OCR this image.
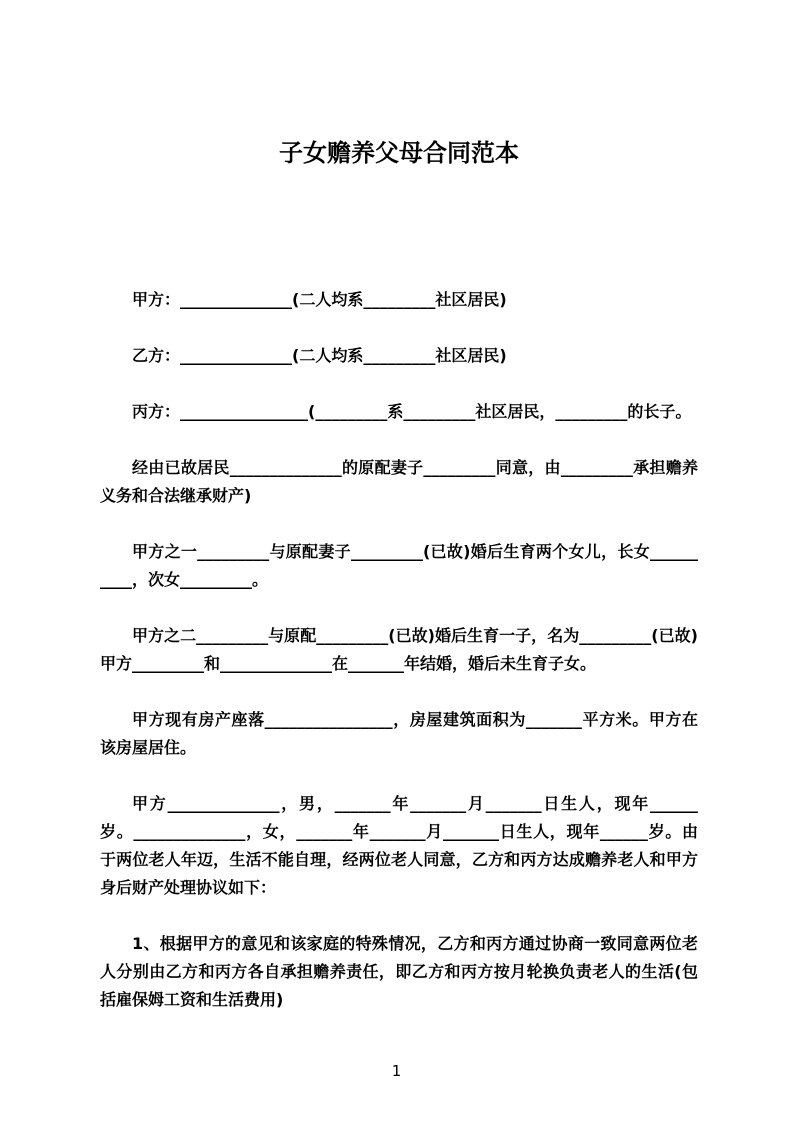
子女赡养父母合同范本

甲方：______________(二人均系_________社区居民)

乙方：______________(二人均系_________社区居民)

丙方：________________(_________系_________社区居民，_________的长子。

经由已故居民______________的原配妻子_________同意，由_________承担赡养义务和合法继承财产)

甲方之一_________与原配妻子_________(已故)婚后生育两个女儿，长女__________，次女_________。

甲方之二_________与原配_________(已故)婚后生育一子，名为_________(已故)甲方_________和______________在_______年结婚，婚后未生育子女。

甲方现有房产座落________________，房屋建筑面积为_______平方米。甲方在该房屋居住。

甲方______________，男，_______年_______月_______日生人，现年______岁。______________，女，_______年_______月_______日生人，现年______岁。由于两位老人年迈，生活不能自理，经两位老人同意，乙方和丙方达成赡养老人和甲方身后财产处理协议如下：

1、根据甲方的意见和该家庭的特殊情况，乙方和丙方通过协商一致同意两位老人分别由乙方和丙方各自承担赡养责任，即乙方和丙方按月轮换负责老人的生活(包括雇保姆工资和生活费用)

1
